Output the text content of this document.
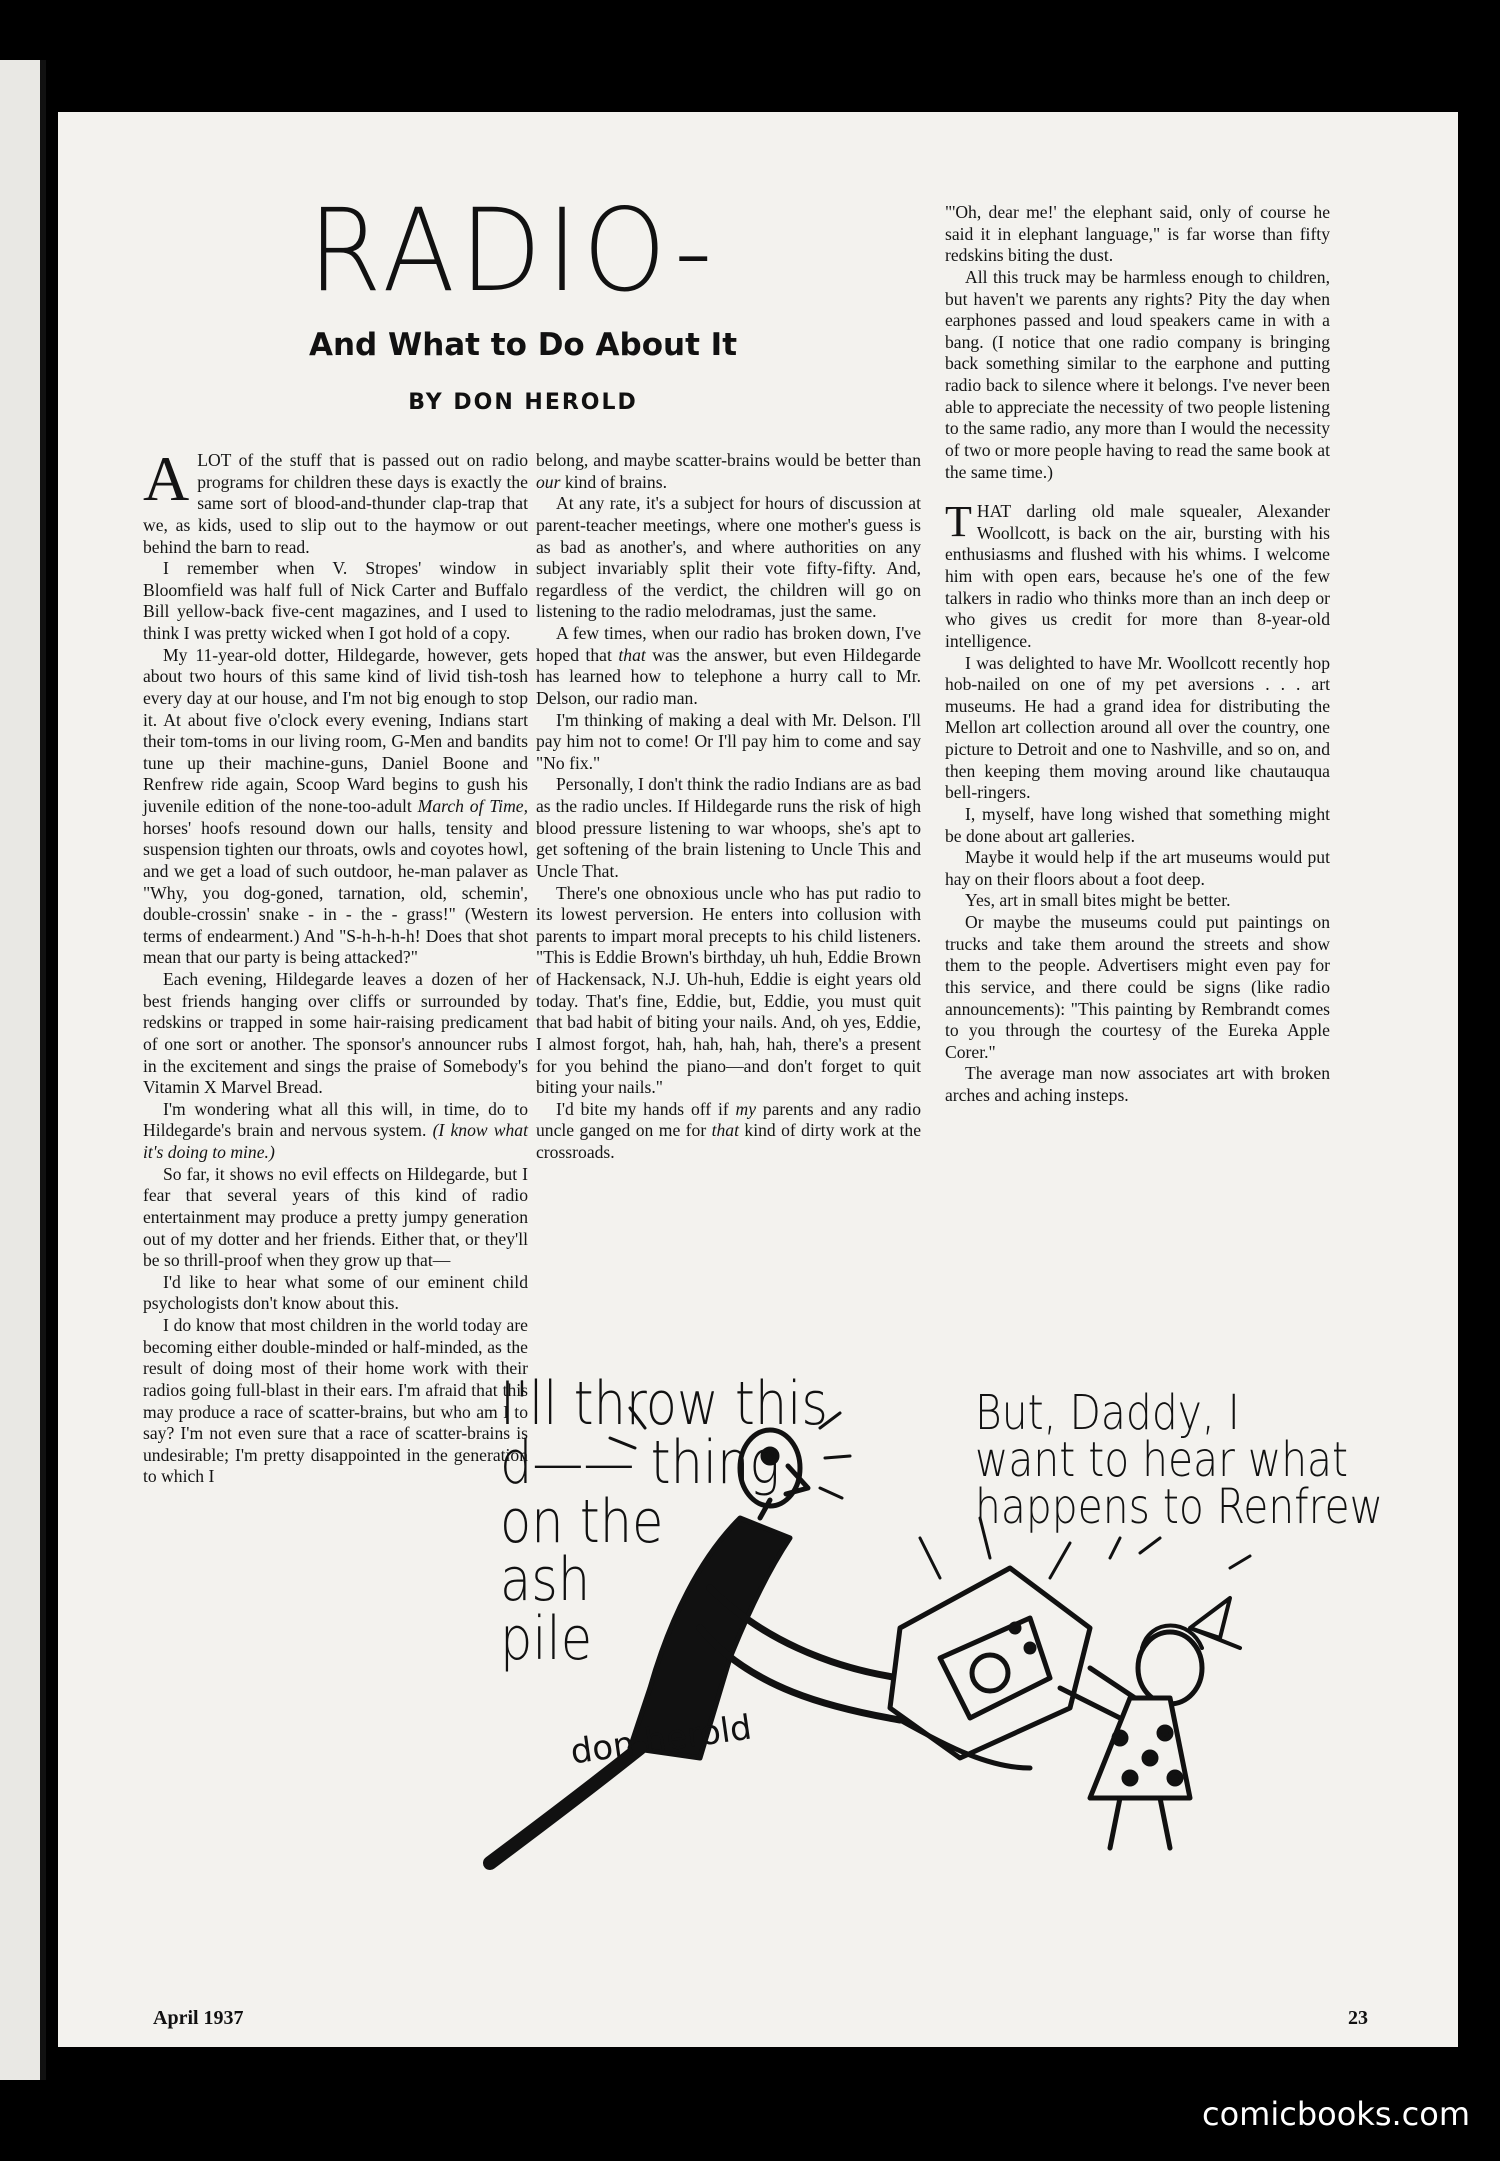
RADIO-
And What to Do About It
BY DON HEROLD

ALOT of the stuff that is passed out on radio programs for children these days is exactly the same sort of blood-and-thunder clap-trap that we, as kids, used to slip out to the haymow or out behind the barn to read.

I remember when V. Stropes' window in Bloomfield was half full of Nick Carter and Buffalo Bill yellow-back five-cent magazines, and I used to think I was pretty wicked when I got hold of a copy.

My 11-year-old dotter, Hildegarde, however, gets about two hours of this same kind of livid tish-tosh every day at our house, and I'm not big enough to stop it. At about five o'clock every evening, Indians start their tom-toms in our living room, G-Men and bandits tune up their machine-guns, Daniel Boone and Renfrew ride again, Scoop Ward begins to gush his juvenile edition of the none-too-adult March of Time, horses' hoofs resound down our halls, tensity and suspension tighten our throats, owls and coyotes howl, and we get a load of such outdoor, he-man palaver as "Why, you dog-goned, tarnation, old, schemin', double-crossin' snake - in - the - grass!" (Western terms of endearment.) And "S-h-h-h-h! Does that shot mean that our party is being attacked?"

Each evening, Hildegarde leaves a dozen of her best friends hanging over cliffs or surrounded by redskins or trapped in some hair-raising predicament of one sort or another. The sponsor's announcer rubs in the excitement and sings the praise of Somebody's Vitamin X Marvel Bread.

I'm wondering what all this will, in time, do to Hildegarde's brain and nervous system. (I know what it's doing to mine.)

So far, it shows no evil effects on Hildegarde, but I fear that several years of this kind of radio entertainment may produce a pretty jumpy generation out of my dotter and her friends. Either that, or they'll be so thrill-proof when they grow up that—

I'd like to hear what some of our eminent child psychologists don't know about this.

I do know that most children in the world today are becoming either double-minded or half-minded, as the result of doing most of their home work with their radios going full-blast in their ears. I'm afraid that this may produce a race of scatter-brains, but who am I to say? I'm not even sure that a race of scatter-brains is undesirable; I'm pretty disappointed in the generation to which I

belong, and maybe scatter-brains would be better than our kind of brains.

At any rate, it's a subject for hours of discussion at parent-teacher meetings, where one mother's guess is as bad as another's, and where authorities on any subject invariably split their vote fifty-fifty. And, regardless of the verdict, the children will go on listening to the radio melodramas, just the same.

A few times, when our radio has broken down, I've hoped that that was the answer, but even Hildegarde has learned how to telephone a hurry call to Mr. Delson, our radio man.

I'm thinking of making a deal with Mr. Delson. I'll pay him not to come! Or I'll pay him to come and say "No fix."

Personally, I don't think the radio Indians are as bad as the radio uncles. If Hildegarde runs the risk of high blood pressure listening to war whoops, she's apt to get softening of the brain listening to Uncle This and Uncle That.

There's one obnoxious uncle who has put radio to its lowest perversion. He enters into collusion with parents to impart moral precepts to his child listeners. "This is Eddie Brown's birthday, uh huh, Eddie Brown of Hackensack, N.J. Uh-huh, Eddie is eight years old today. That's fine, Eddie, but, Eddie, you must quit that bad habit of biting your nails. And, oh yes, Eddie, I almost forgot, hah, hah, hah, hah, there's a present for you behind the piano—and don't forget to quit biting your nails."

I'd bite my hands off if my parents and any radio uncle ganged on me for that kind of dirty work at the crossroads.

"'Oh, dear me!' the elephant said, only of course he said it in elephant language," is far worse than fifty redskins biting the dust.

All this truck may be harmless enough to children, but haven't we parents any rights? Pity the day when earphones passed and loud speakers came in with a bang. (I notice that one radio company is bringing back something similar to the earphone and putting radio back to silence where it belongs. I've never been able to appreciate the necessity of two people listening to the same radio, any more than I would the necessity of two or more people having to read the same book at the same time.)

THAT darling old male squealer, Alexander Woollcott, is back on the air, bursting with his enthusiasms and flushed with his whims. I welcome him with open ears, because he's one of the few talkers in radio who thinks more than an inch deep or who gives us credit for more than 8-year-old intelligence.

I was delighted to have Mr. Woollcott recently hop hob-nailed on one of my pet aversions . . . art museums. He had a grand idea for distributing the Mellon art collection around all over the country, one picture to Detroit and one to Nashville, and so on, and then keeping them moving around like chautauqua bell-ringers.

I, myself, have long wished that something might be done about art galleries.

Maybe it would help if the art museums would put hay on their floors about a foot deep.

Yes, art in small bites might be better.

Or maybe the museums could put paintings on trucks and take them around the streets and show them to the people. Advertisers might even pay for this service, and there could be signs (like radio announcements): "This painting by Rembrandt comes to you through the courtesy of the Eureka Apple Corer."

The average man now associates art with broken arches and aching insteps.

April 1937	23
I'll throw this
d—— thing
on the
ash
pile
But, Daddy, I
want to hear what
happens to Renfrew
don herold
comicbooks.com
